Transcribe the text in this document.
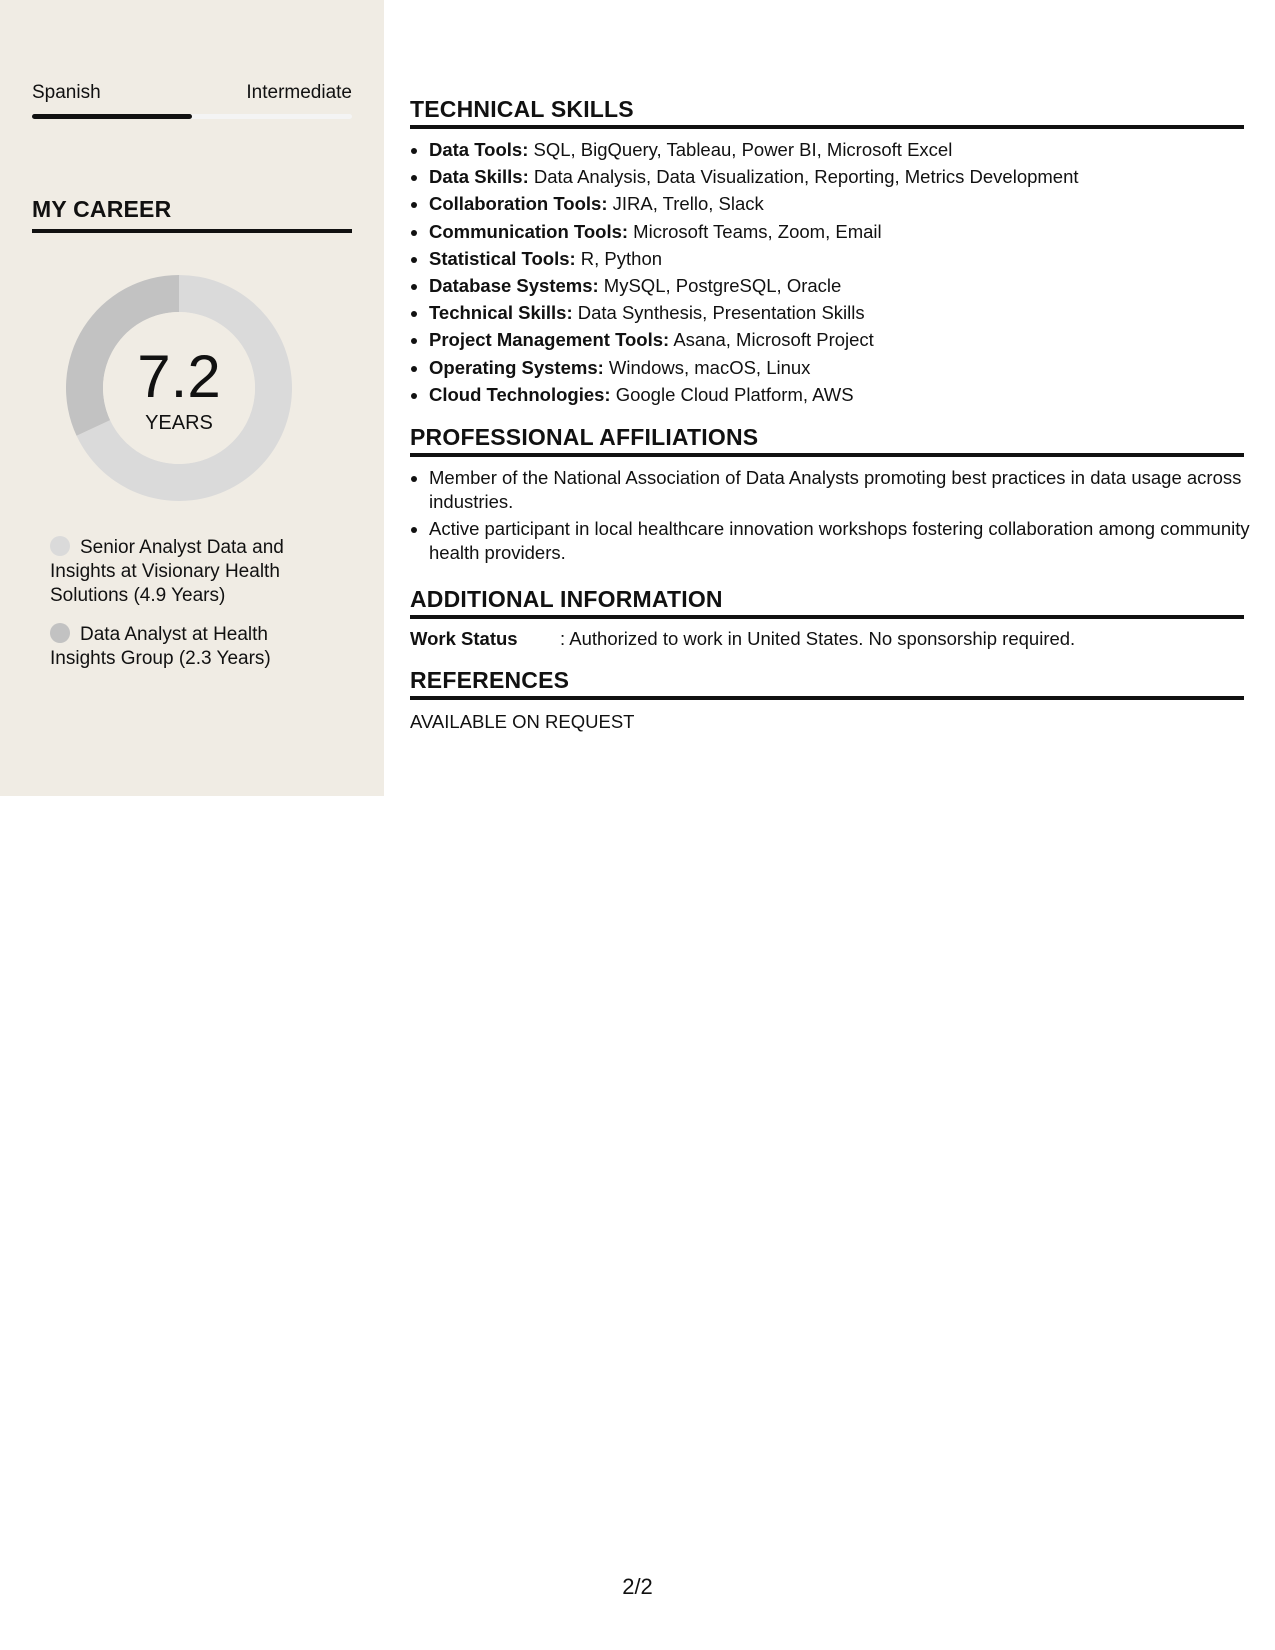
Spanish	Intermediate
MY CAREER
7.2
YEARS
Senior Analyst Data and Insights at Visionary Health Solutions (4.9 Years)
Data Analyst at Health Insights Group (2.3 Years)
TECHNICAL SKILLS
• Data Tools: SQL, BigQuery, Tableau, Power BI, Microsoft Excel
• Data Skills: Data Analysis, Data Visualization, Reporting, Metrics Development
• Collaboration Tools: JIRA, Trello, Slack
• Communication Tools: Microsoft Teams, Zoom, Email
• Statistical Tools: R, Python
• Database Systems: MySQL, PostgreSQL, Oracle
• Technical Skills: Data Synthesis, Presentation Skills
• Project Management Tools: Asana, Microsoft Project
• Operating Systems: Windows, macOS, Linux
• Cloud Technologies: Google Cloud Platform, AWS
PROFESSIONAL AFFILIATIONS
• Member of the National Association of Data Analysts promoting best practices in data usage across industries.
• Active participant in local healthcare innovation workshops fostering collaboration among community health providers.
ADDITIONAL INFORMATION
Work Status : Authorized to work in United States. No sponsorship required.
REFERENCES
AVAILABLE ON REQUEST
2/2
